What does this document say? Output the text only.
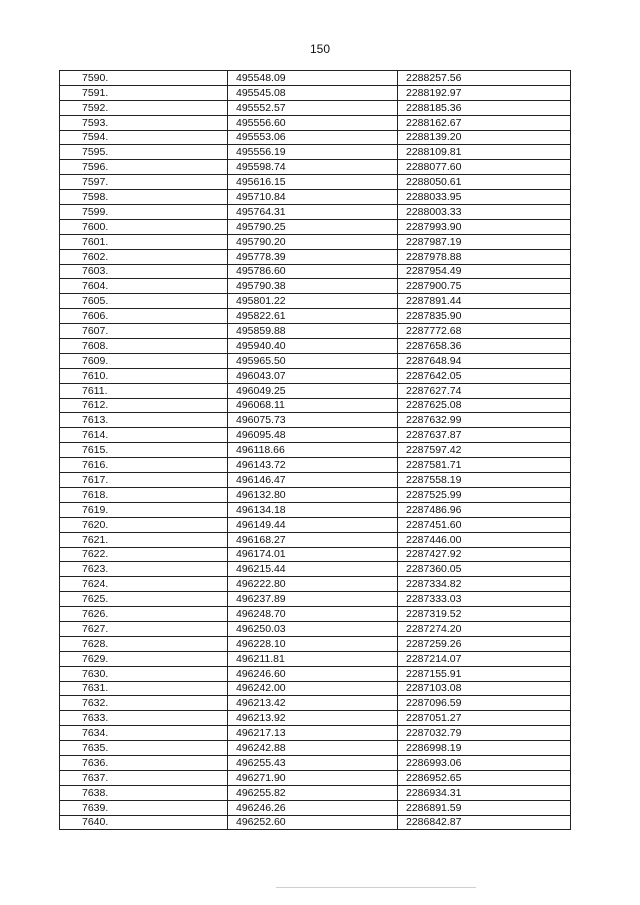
150
7590.	495548.09	2288257.56
7591.	495545.08	2288192.97
7592.	495552.57	2288185.36
7593.	495556.60	2288162.67
7594.	495553.06	2288139.20
7595.	495556.19	2288109.81
7596.	495598.74	2288077.60
7597.	495616.15	2288050.61
7598.	495710.84	2288033.95
7599.	495764.31	2288003.33
7600.	495790.25	2287993.90
7601.	495790.20	2287987.19
7602.	495778.39	2287978.88
7603.	495786.60	2287954.49
7604.	495790.38	2287900.75
7605.	495801.22	2287891.44
7606.	495822.61	2287835.90
7607.	495859.88	2287772.68
7608.	495940.40	2287658.36
7609.	495965.50	2287648.94
7610.	496043.07	2287642.05
7611.	496049.25	2287627.74
7612.	496068.11	2287625.08
7613.	496075.73	2287632.99
7614.	496095.48	2287637.87
7615.	496118.66	2287597.42
7616.	496143.72	2287581.71
7617.	496146.47	2287558.19
7618.	496132.80	2287525.99
7619.	496134.18	2287486.96
7620.	496149.44	2287451.60
7621.	496168.27	2287446.00
7622.	496174.01	2287427.92
7623.	496215.44	2287360.05
7624.	496222.80	2287334.82
7625.	496237.89	2287333.03
7626.	496248.70	2287319.52
7627.	496250.03	2287274.20
7628.	496228.10	2287259.26
7629.	496211.81	2287214.07
7630.	496246.60	2287155.91
7631.	496242.00	2287103.08
7632.	496213.42	2287096.59
7633.	496213.92	2287051.27
7634.	496217.13	2287032.79
7635.	496242.88	2286998.19
7636.	496255.43	2286993.06
7637.	496271.90	2286952.65
7638.	496255.82	2286934.31
7639.	496246.26	2286891.59
7640.	496252.60	2286842.87
